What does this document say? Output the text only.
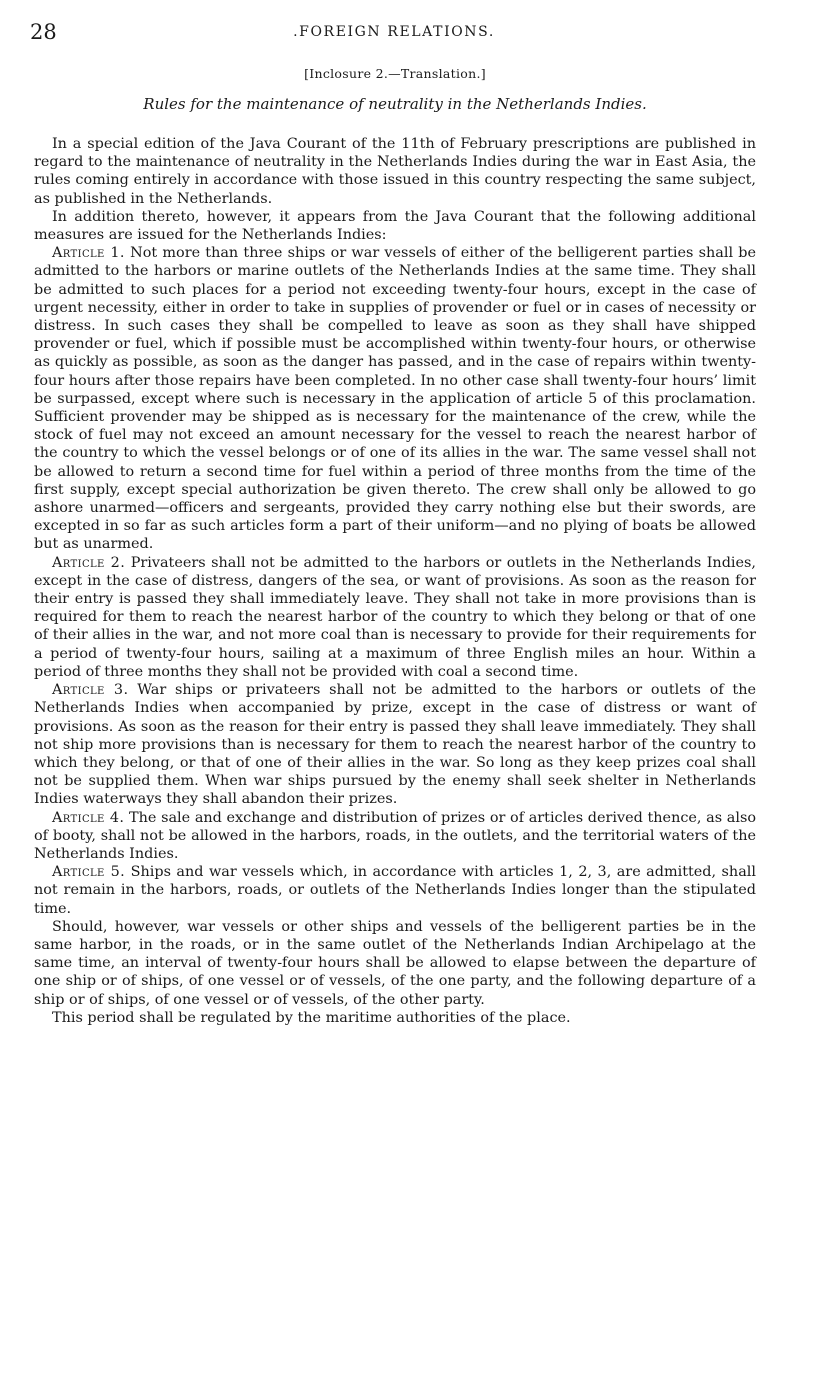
28	.FOREIGN RELATIONS.
[Inclosure 2.—Translation.]
Rules for the maintenance of neutrality in the Netherlands Indies.

In a special edition of the Java Courant of the 11th of February prescriptions are published in regard to the maintenance of neutrality in the Netherlands Indies during the war in East Asia, the rules coming entirely in accordance with those issued in this country respecting the same subject, as published in the Netherlands.

In addition thereto, however, it appears from the Java Courant that the following additional measures are issued for the Netherlands Indies:

Article 1. Not more than three ships or war vessels of either of the belligerent parties shall be admitted to the harbors or marine outlets of the Netherlands Indies at the same time. They shall be admitted to such places for a period not exceeding twenty-four hours, except in the case of urgent necessity, either in order to take in supplies of provender or fuel or in cases of necessity or distress. In such cases they shall be compelled to leave as soon as they shall have shipped provender or fuel, which if possible must be accomplished within twenty-four hours, or otherwise as quickly as possible, as soon as the danger has passed, and in the case of repairs within twenty-four hours after those repairs have been completed. In no other case shall twenty-four hours’ limit be surpassed, except where such is necessary in the application of article 5 of this proclamation. Sufficient provender may be shipped as is necessary for the maintenance of the crew, while the stock of fuel may not exceed an amount necessary for the vessel to reach the nearest harbor of the country to which the vessel belongs or of one of its allies in the war. The same vessel shall not be allowed to return a second time for fuel within a period of three months from the time of the first supply, except special authorization be given thereto. The crew shall only be allowed to go ashore unarmed—officers and sergeants, provided they carry nothing else but their swords, are excepted in so far as such articles form a part of their uniform—and no plying of boats be allowed but as unarmed.

Article 2. Privateers shall not be admitted to the harbors or outlets in the Netherlands Indies, except in the case of distress, dangers of the sea, or want of provisions. As soon as the reason for their entry is passed they shall immediately leave. They shall not take in more provisions than is required for them to reach the nearest harbor of the country to which they belong or that of one of their allies in the war, and not more coal than is necessary to provide for their requirements for a period of twenty-four hours, sailing at a maximum of three English miles an hour. Within a period of three months they shall not be provided with coal a second time.

Article 3. War ships or privateers shall not be admitted to the harbors or outlets of the Netherlands Indies when accompanied by prize, except in the case of distress or want of provisions. As soon as the reason for their entry is passed they shall leave immediately. They shall not ship more provisions than is necessary for them to reach the nearest harbor of the country to which they belong, or that of one of their allies in the war. So long as they keep prizes coal shall not be supplied them. When war ships pursued by the enemy shall seek shelter in Netherlands Indies waterways they shall abandon their prizes.

Article 4. The sale and exchange and distribution of prizes or of articles derived thence, as also of booty, shall not be allowed in the harbors, roads, in the outlets, and the territorial waters of the Netherlands Indies.

Article 5. Ships and war vessels which, in accordance with articles 1, 2, 3, are admitted, shall not remain in the harbors, roads, or outlets of the Netherlands Indies longer than the stipulated time.

Should, however, war vessels or other ships and vessels of the belligerent parties be in the same harbor, in the roads, or in the same outlet of the Netherlands Indian Archipelago at the same time, an interval of twenty-four hours shall be allowed to elapse between the departure of one ship or of ships, of one vessel or of vessels, of the one party, and the following departure of a ship or of ships, of one vessel or of vessels, of the other party.

This period shall be regulated by the maritime authorities of the place.
